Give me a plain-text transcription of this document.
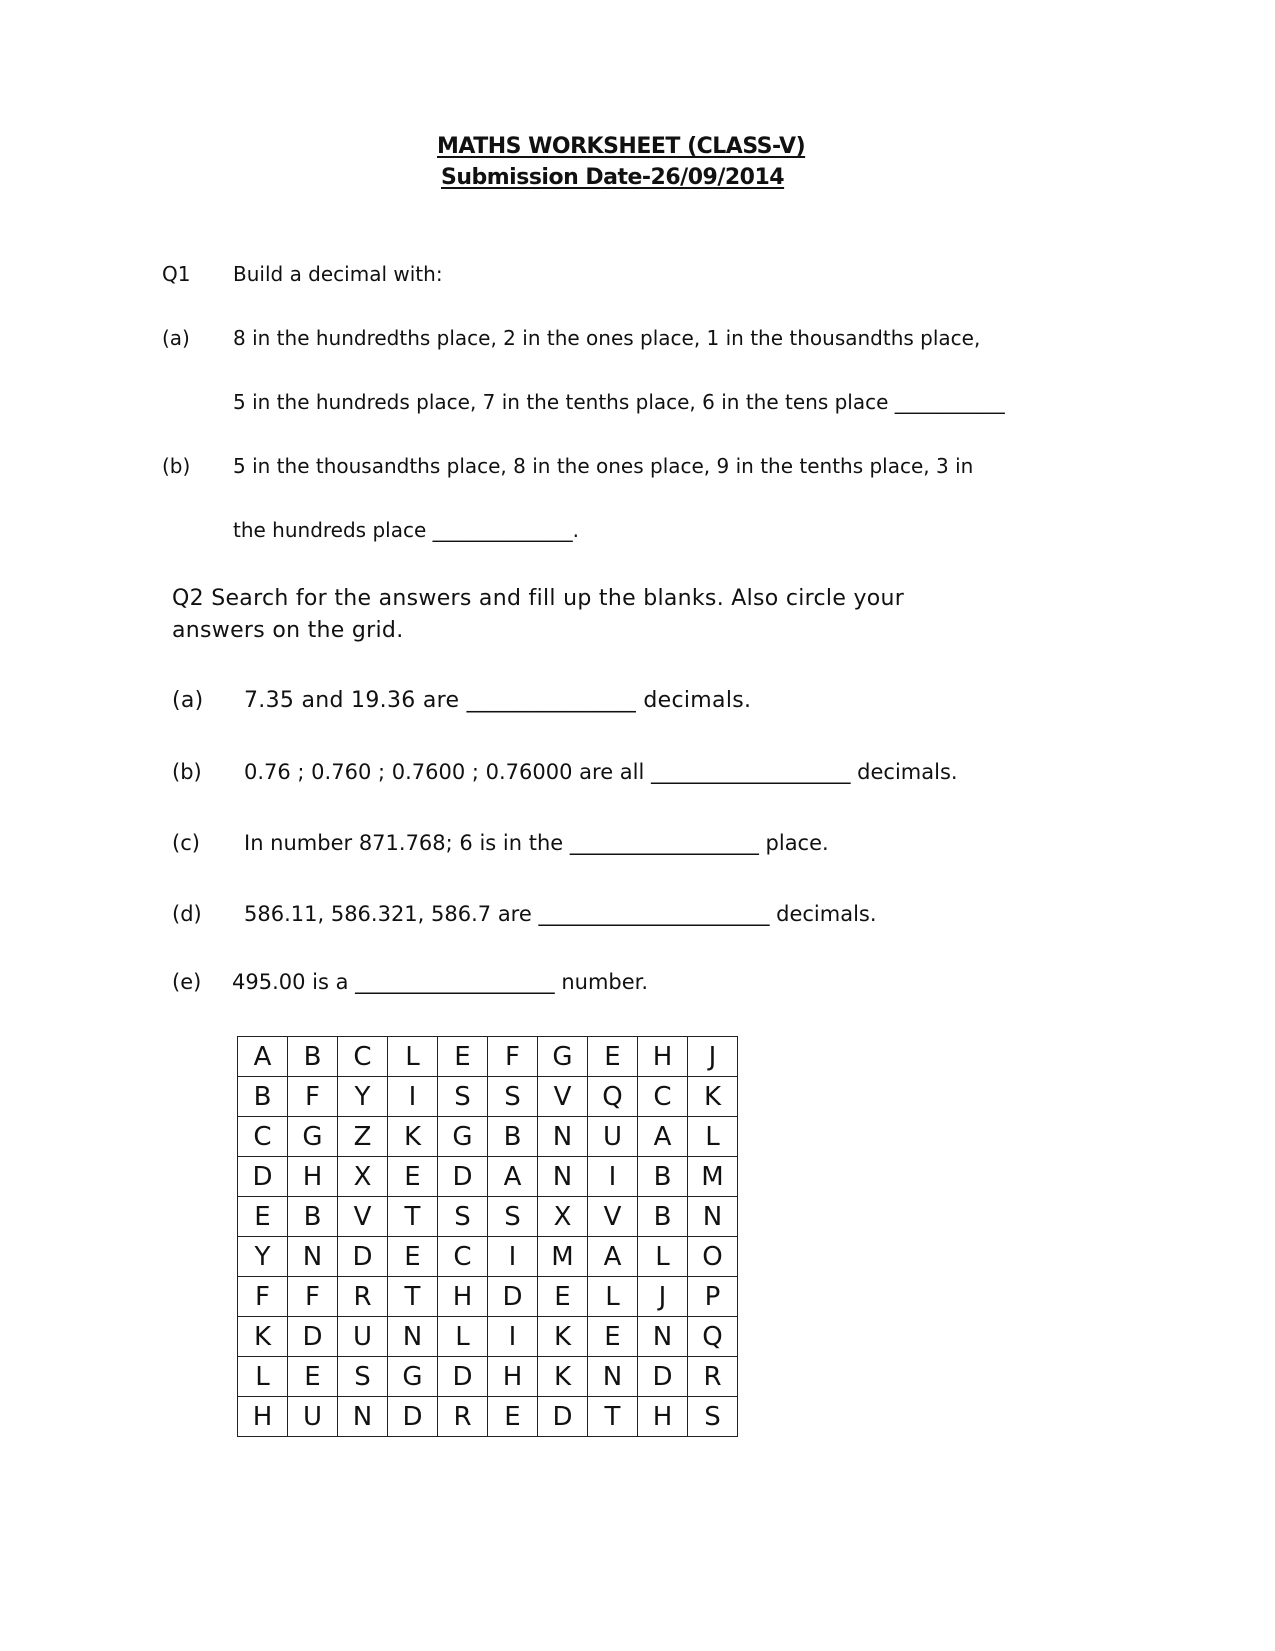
MATHS WORKSHEET (CLASS-V)
Submission Date-26/09/2014
Q1 Build a decimal with:
(a) 8 in the hundredths place, 2 in the ones place, 1 in the thousandths place,
5 in the hundreds place, 7 in the tenths place, 6 in the tens place ___________
(b) 5 in the thousandths place, 8 in the ones place, 9 in the tenths place, 3 in
the hundreds place ______________.
Q2 Search for the answers and fill up the blanks. Also circle your
answers on the grid.
(a) 7.35 and 19.36 are _______________ decimals.
(b) 0.76 ; 0.760 ; 0.7600 ; 0.76000 are all ___________________ decimals.
(c) In number 871.768; 6 is in the __________________ place.
(d) 586.11, 586.321, 586.7 are ______________________ decimals.
(e) 495.00 is a ___________________ number.
A	B	C	L	E	F	G	E	H	J
B	F	Y	I	S	S	V	Q	C	K
C	G	Z	K	G	B	N	U	A	L
D	H	X	E	D	A	N	I	B	M
E	B	V	T	S	S	X	V	B	N
Y	N	D	E	C	I	M	A	L	O
F	F	R	T	H	D	E	L	J	P
K	D	U	N	L	I	K	E	N	Q
L	E	S	G	D	H	K	N	D	R
H	U	N	D	R	E	D	T	H	S
